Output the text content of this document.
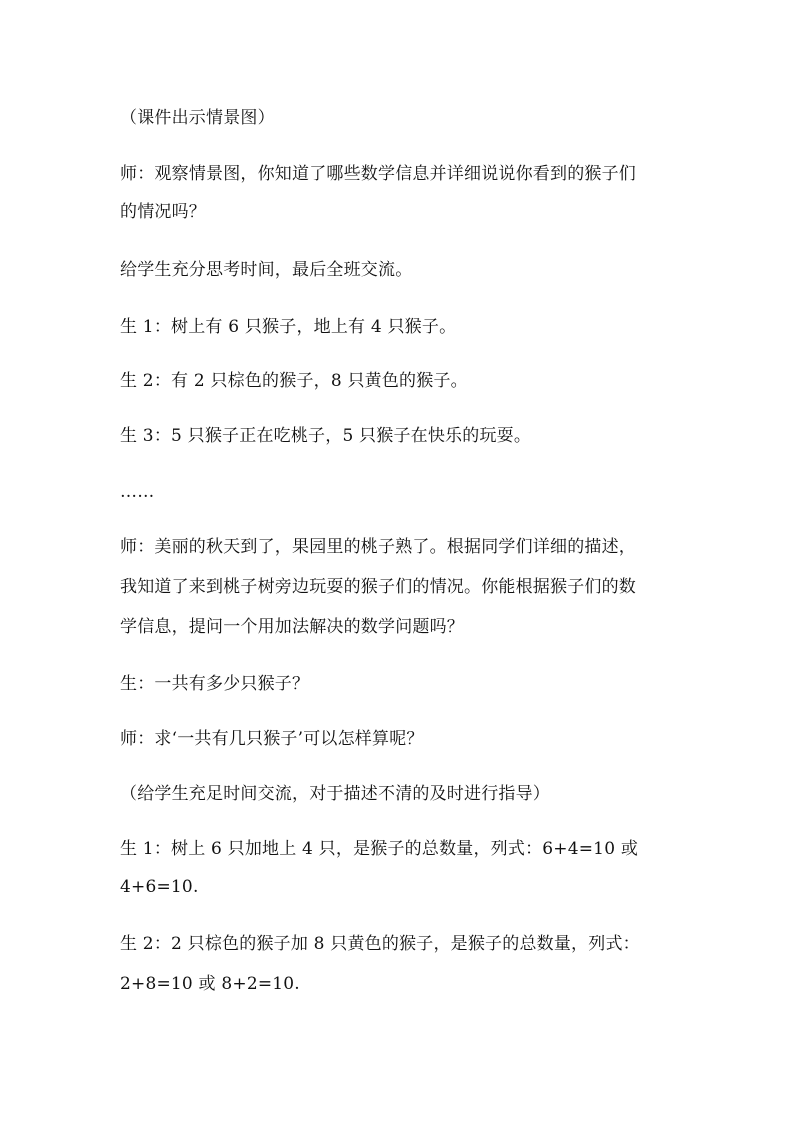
（课件出示情景图）

师：观察情景图，你知道了哪些数学信息并详细说说你看到的猴子们

的情况吗？

给学生充分思考时间，最后全班交流。

生 1：树上有 6 只猴子，地上有 4 只猴子。

生 2：有 2 只棕色的猴子，8 只黄色的猴子。

生 3：5 只猴子正在吃桃子，5 只猴子在快乐的玩耍。

……

师：美丽的秋天到了，果园里的桃子熟了。根据同学们详细的描述，

我知道了来到桃子树旁边玩耍的猴子们的情况。你能根据猴子们的数

学信息，提问一个用加法解决的数学问题吗？

生：一共有多少只猴子？

师：求‘一共有几只猴子’可以怎样算呢？

（给学生充足时间交流，对于描述不清的及时进行指导）

生 1：树上 6 只加地上 4 只，是猴子的总数量，列式：6+4=10 或

4+6=10.

生 2：2 只棕色的猴子加 8 只黄色的猴子，是猴子的总数量，列式：

2+8=10 或 8+2=10.
